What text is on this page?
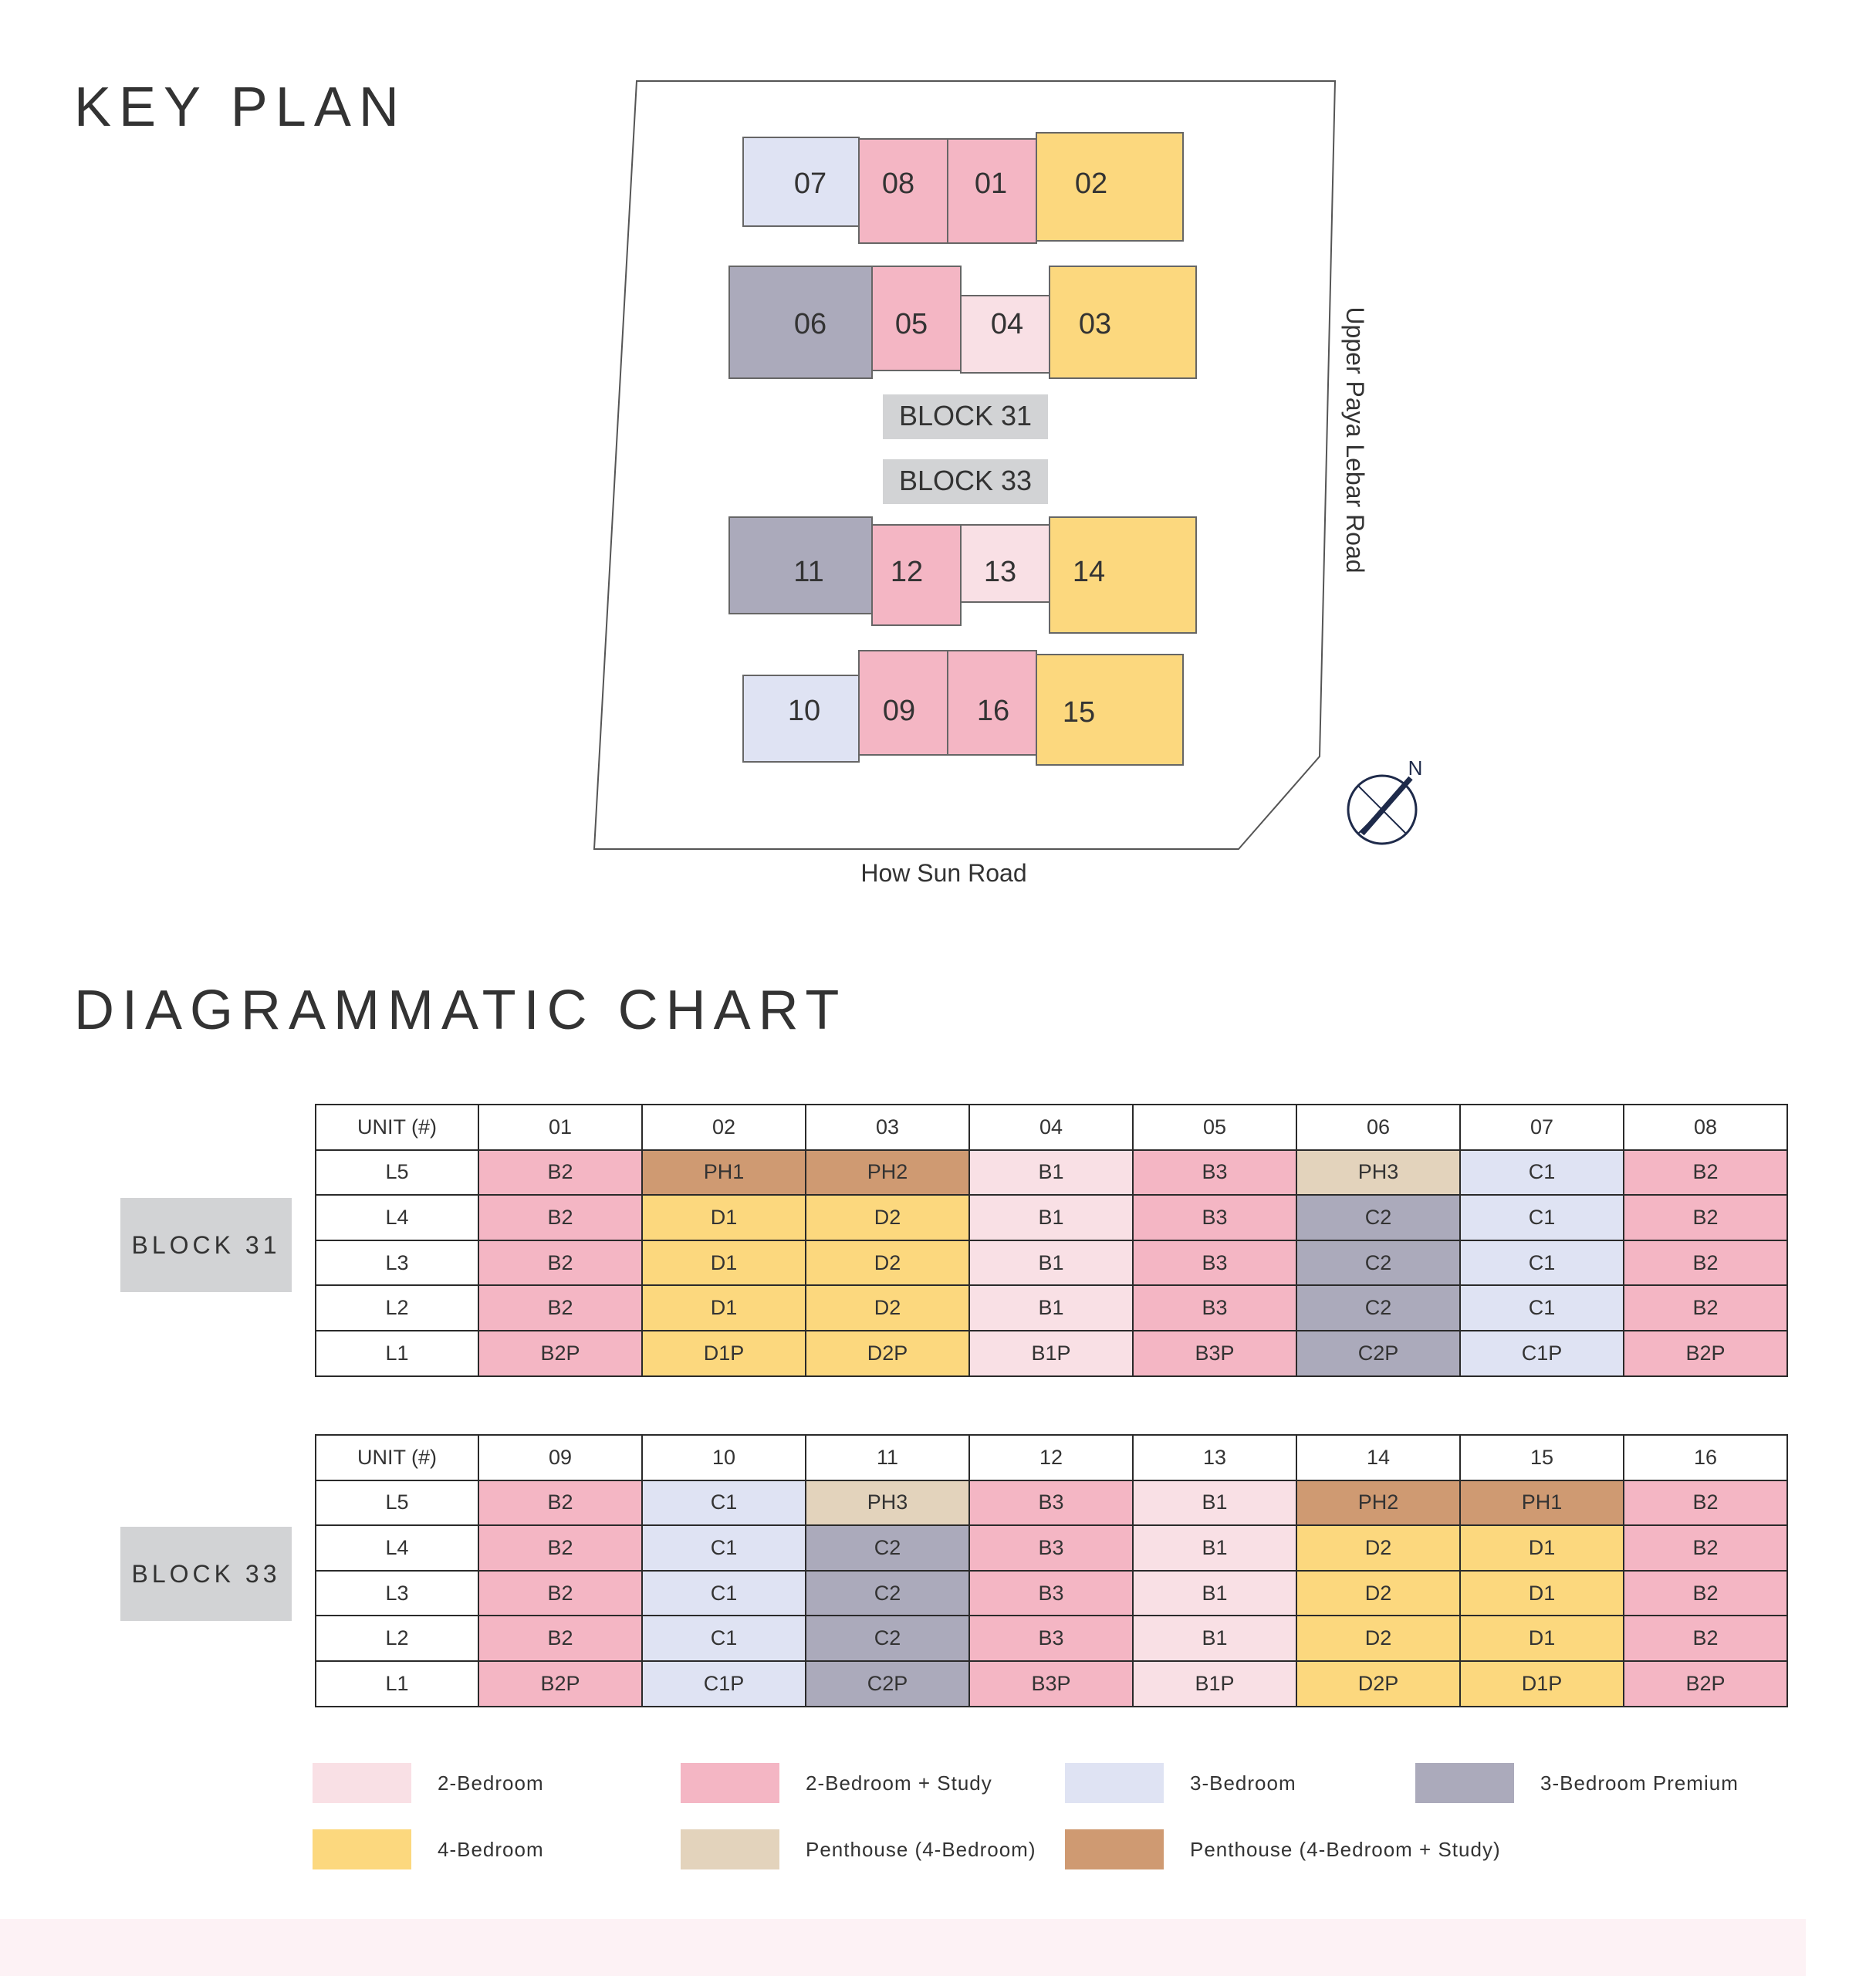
KEY PLAN
BLOCK 31
BLOCK 33
07 08 01 02
06 05 04 03
11 12 13 14
10 09 16 15
Upper Paya Lebar Road
How Sun Road
N
DIAGRAMMATIC CHART
BLOCK 31
BLOCK 33
UNIT (#)	01	02	03	04	05	06	07	08
L5	B2	PH1	PH2	B1	B3	PH3	C1	B2
L4	B2	D1	D2	B1	B3	C2	C1	B2
L3	B2	D1	D2	B1	B3	C2	C1	B2
L2	B2	D1	D2	B1	B3	C2	C1	B2
L1	B2P	D1P	D2P	B1P	B3P	C2P	C1P	B2P
UNIT (#)	09	10	11	12	13	14	15	16
L5	B2	C1	PH3	B3	B1	PH2	PH1	B2
L4	B2	C1	C2	B3	B1	D2	D1	B2
L3	B2	C1	C2	B3	B1	D2	D1	B2
L2	B2	C1	C2	B3	B1	D2	D1	B2
L1	B2P	C1P	C2P	B3P	B1P	D2P	D1P	B2P
2-Bedroom	2-Bedroom + Study	3-Bedroom	3-Bedroom Premium
4-Bedroom	Penthouse (4-Bedroom)	Penthouse (4-Bedroom + Study)
